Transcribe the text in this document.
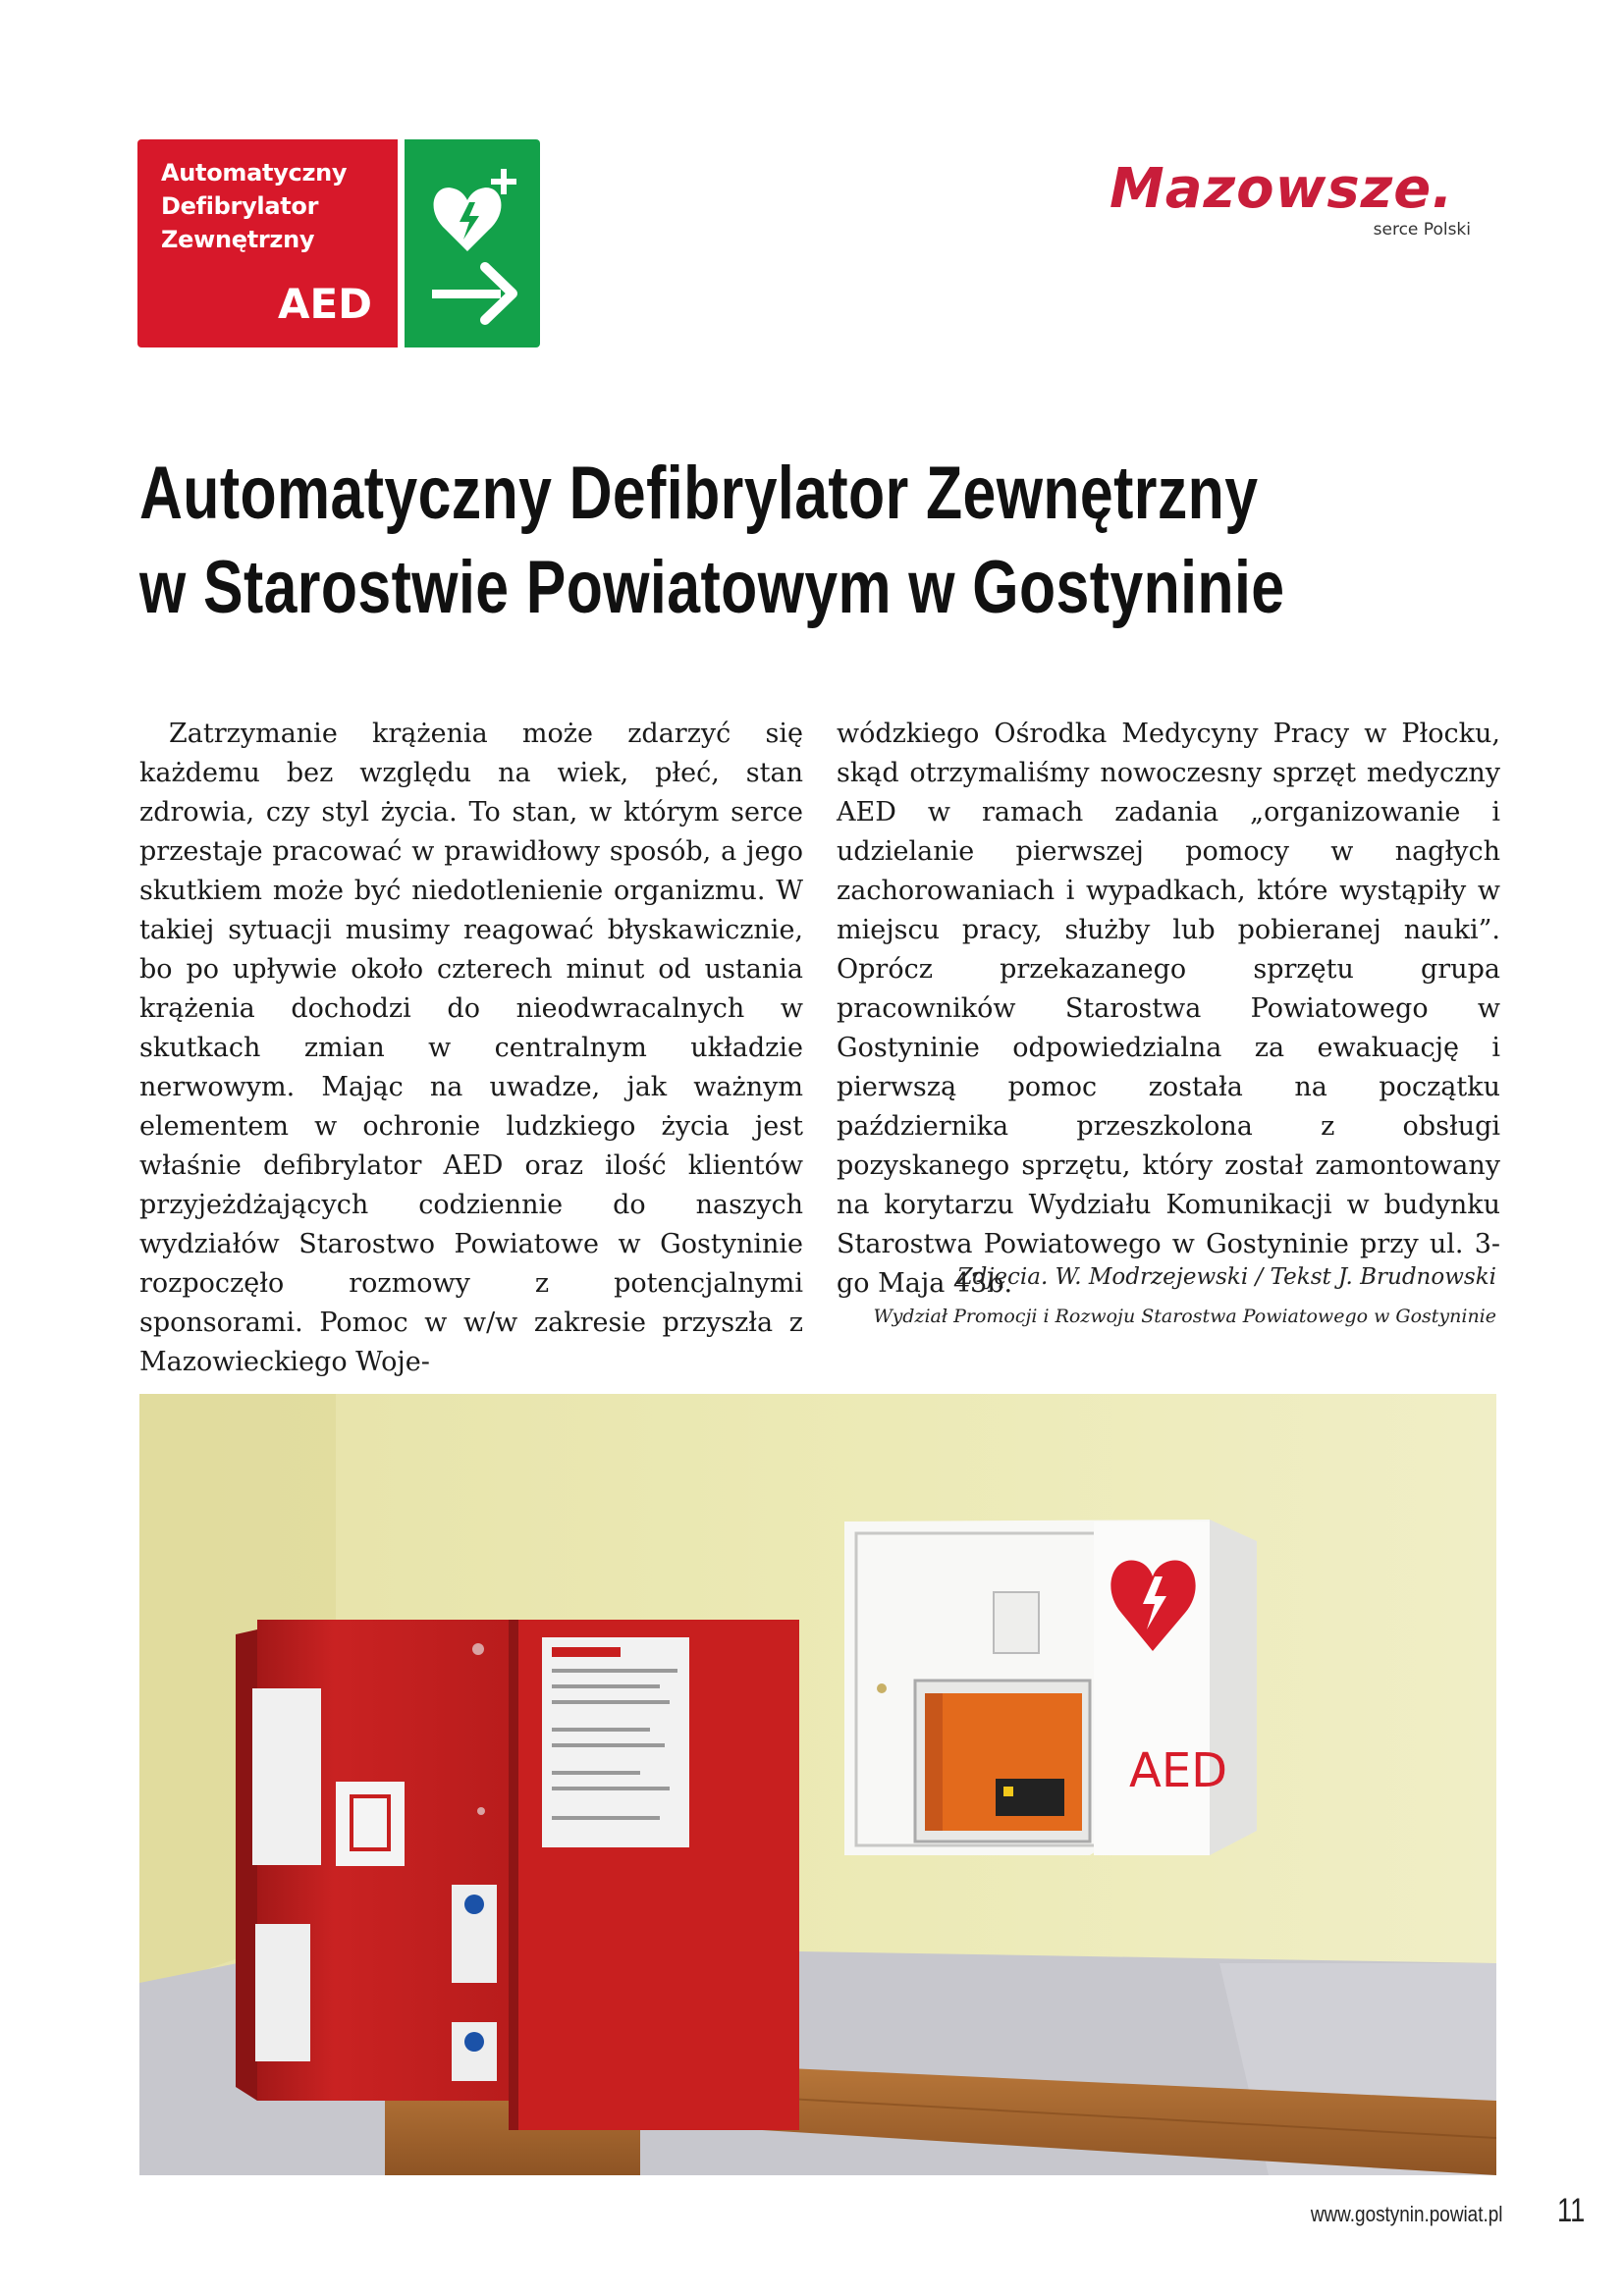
Automatyczny
Defibrylator
Zewnętrzny
AED
Mazowsze.
serce Polski
Automatyczny Defibrylator Zewnętrzny
w Starostwie Powiatowym w Gostyninie

Zatrzymanie krążenia może zdarzyć się każdemu bez względu na wiek, płeć, stan zdrowia, czy styl życia. To stan, w którym serce przestaje pracować w prawidłowy sposób, a jego skutkiem może być niedotlenienie organizmu. W takiej sytuacji musimy reagować błyskawicznie, bo po upływie około czterech minut od ustania krążenia dochodzi do nieodwracalnych w skutkach zmian w centralnym układzie nerwowym. Mając na uwadze, jak ważnym elementem w ochronie ludzkiego życia jest właśnie defibrylator AED oraz ilość klientów przyjeżdżających codziennie do naszych wydziałów Starostwo Powiatowe w Gostyninie rozpoczęło rozmowy z potencjalnymi sponsorami. Pomoc w w/w zakresie przyszła z Mazowieckiego Woje-

wódzkiego Ośrodka Medycyny Pracy w Płocku, skąd otrzymaliśmy nowoczesny sprzęt medyczny AED w ramach zadania „organizowanie i udzielanie pierwszej pomocy w nagłych zachorowaniach i wypadkach, które wystąpiły w miejscu pracy, służby lub pobieranej nauki”. Oprócz przekazanego sprzętu grupa pracowników Starostwa Powiatowego w Gostyninie odpowiedzialna za ewakuację i pierwszą pomoc została na początku października przeszkolona z obsługi pozyskanego sprzętu, który został zamontowany na korytarzu Wydziału Komunikacji w budynku Starostwa Powiatowego w Gostyninie przy ul. 3-go Maja 43b.

Zdjęcia. W. Modrzejewski / Tekst J. Brudnowski
Wydział Promocji i Rozwoju Starostwa Powiatowego w Gostyninie
AED
www.gostynin.powiat.pl 11
